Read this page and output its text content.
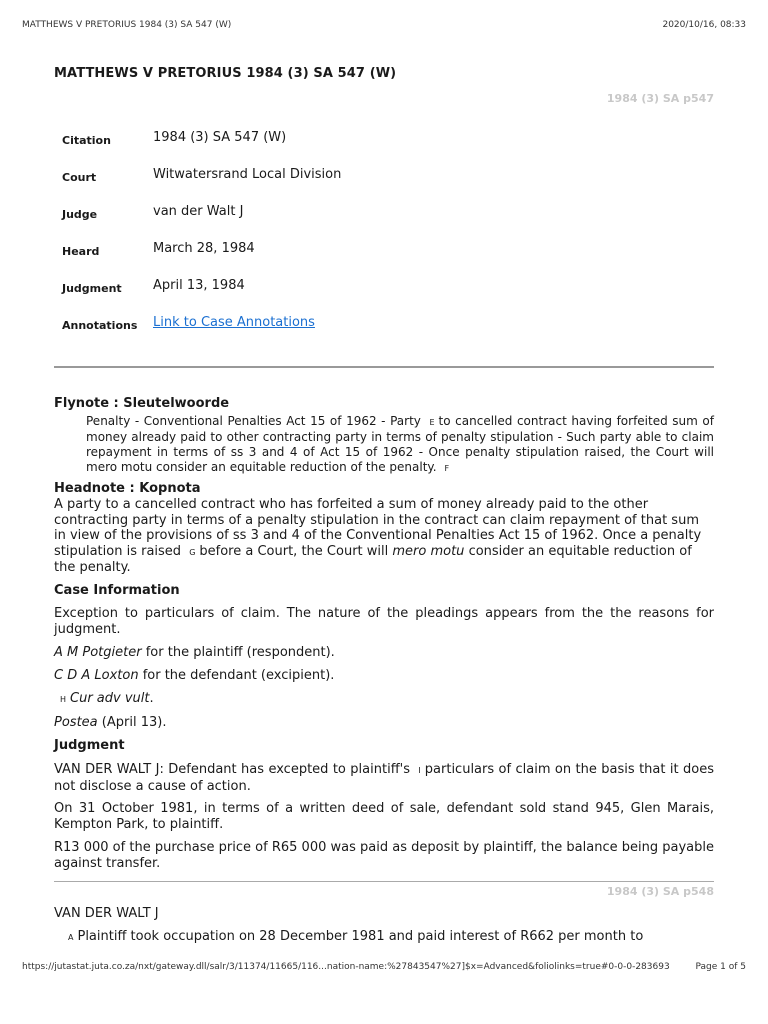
MATTHEWS V PRETORIUS 1984 (3) SA 547 (W)	2020/10/16, 08:33
MATTHEWS V PRETORIUS 1984 (3) SA 547 (W)
1984 (3) SA p547
Citation	1984 (3) SA 547 (W)
Court	Witwatersrand Local Division
Judge	van der Walt J
Heard	March 28, 1984
Judgment April 13, 1984
Annotations Link to Case Annotations
Flynote : Sleutelwoorde
Penalty - Conventional Penalties Act 15 of 1962 - Party E to cancelled contract having forfeited sum of money already paid to other contracting party in terms of penalty stipulation - Such party able to claim repayment in terms of ss 3 and 4 of Act 15 of 1962 - Once penalty stipulation raised, the Court will mero motu consider an equitable reduction of the penalty. F
Headnote : Kopnota
A party to a cancelled contract who has forfeited a sum of money already paid to the other contracting party in terms of a penalty stipulation in the contract can claim repayment of that sum in view of the provisions of ss 3 and 4 of the Conventional Penalties Act 15 of 1962. Once a penalty stipulation is raised G before a Court, the Court will mero motu consider an equitable reduction of the penalty.
Case Information
Exception to particulars of claim. The nature of the pleadings appears from the the reasons for judgment.
A M Potgieter for the plaintiff (respondent).
C D A Loxton for the defendant (excipient).
H Cur adv vult.
Postea (April 13).
Judgment
VAN DER WALT J: Defendant has excepted to plaintiff's I particulars of claim on the basis that it does not disclose a cause of action.
On 31 October 1981, in terms of a written deed of sale, defendant sold stand 945, Glen Marais, Kempton Park, to plaintiff.
R13 000 of the purchase price of R65 000 was paid as deposit by plaintiff, the balance being payable against transfer.
1984 (3) SA p548
VAN DER WALT J
A Plaintiff took occupation on 28 December 1981 and paid interest of R662 per month to
https://jutastat.juta.co.za/nxt/gateway.dll/salr/3/11374/11665/116...nation-name:%27843547%27]$x=Advanced&foliolinks=true#0-0-0-283693	Page 1 of 5
